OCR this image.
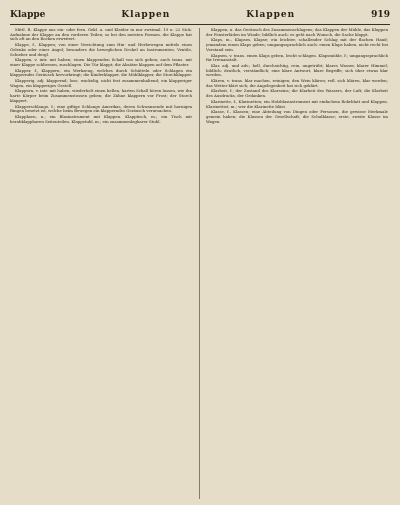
Klappe	Klappen	Klappen	919

Mittl. R. Klappe aus ein- oder fern. Gekl. u. und Kleider in nur zweimal. 19 u. 22 Stck. Aufnahme der Klappe an den vorderen Teilen; so bei den meisten Formen, die Klappe hat sich oft an den Rocken erweitert.

Klappe, f., Klappen; von einer Verrichtung zum Hin- und Herbewegen mittels eines Gelenks oder einer Angel; besonders die beweglichen Deckel an Instrumenten, Ventile, Schieber und dergl.

Klappen, v. intr. mit haben; einen klappenden Schall von sich geben; auch trans. mit einer Klappe schliessen, zuschlagen. Die Tür klappt; die Absätze klappen auf dem Pflaster.

Klapper, f., Klappern; ein Werkzeug, welches durch Schütteln oder Schlagen ein klapperndes Geräusch hervorbringt; die Kinderklapper, die Mühlklapper, die Storchklapper.

Klapperig, adj. klappernd; lose, wackelig, nicht fest zusammenhaltend; ein klapperiger Wagen, ein klapperiges Gestell.

Klappern, v. intr. mit haben; wiederholt einen hellen, harten Schall hören lassen, wie ihn harte Körper beim Zusammenstossen geben; die Zähne klappern vor Frost; der Storch klappert.

Klapperschlange, f.; eine giftige Schlange Amerikas, deren Schwanzende mit hornigen Ringen besetzt ist, welche beim Bewegen ein klapperndes Geräusch verursachen.

Klapphorn, n.; ein Blasinstrument mit Klappen. Klapptisch, m.; ein Tisch mit herabklappbaren Seitenteilen. Klappstuhl, m.; ein zusammenlegbarer Stuhl.

Klappen, n. das Geräusch des Zusammenschlagens; das Klappen der Mühle, das Klappen der Fensterläden im Winde; bildlich auch: es geht nach Wunsch, die Sache klappt.

Klaps, m., Klapses, Klapse; ein leichter, schallender Schlag mit der flachen Hand; jemandem einen Klaps geben; umgangssprachlich auch: einen Klaps haben, nicht recht bei Verstand sein.

Klapsen, v. trans. einen Klaps geben, leicht schlagen. Klapsmühle, f.; umgangssprachlich für Irrenanstalt.

Klar, adj. und adv.; hell, durchsichtig, rein, ungetrübt; klares Wasser, klarer Himmel; bildlich: deutlich, verständlich; eine klare Antwort, klare Begriffe; sich über etwas klar werden.

Klären, v. trans. klar machen, reinigen; den Wein klären; refl. sich klären, klar werden; das Wetter klärt sich; die Angelegenheit hat sich geklärt.

Klarheit, f.; der Zustand des Klarseins; die Klarheit des Wassers, der Luft; die Klarheit des Ausdrucks, der Gedanken.

Klarinette, f., Klarinetten; ein Holzblasinstrument mit einfachem Rohrblatt und Klappen. Klarinettist, m.; wer die Klarinette bläst.

Klasse, f., Klassen; eine Abteilung von Dingen oder Personen, die gewisse Merkmale gemein haben; die Klassen der Gesellschaft; die Schulklasse; erste, zweite Klasse im Wagen.
